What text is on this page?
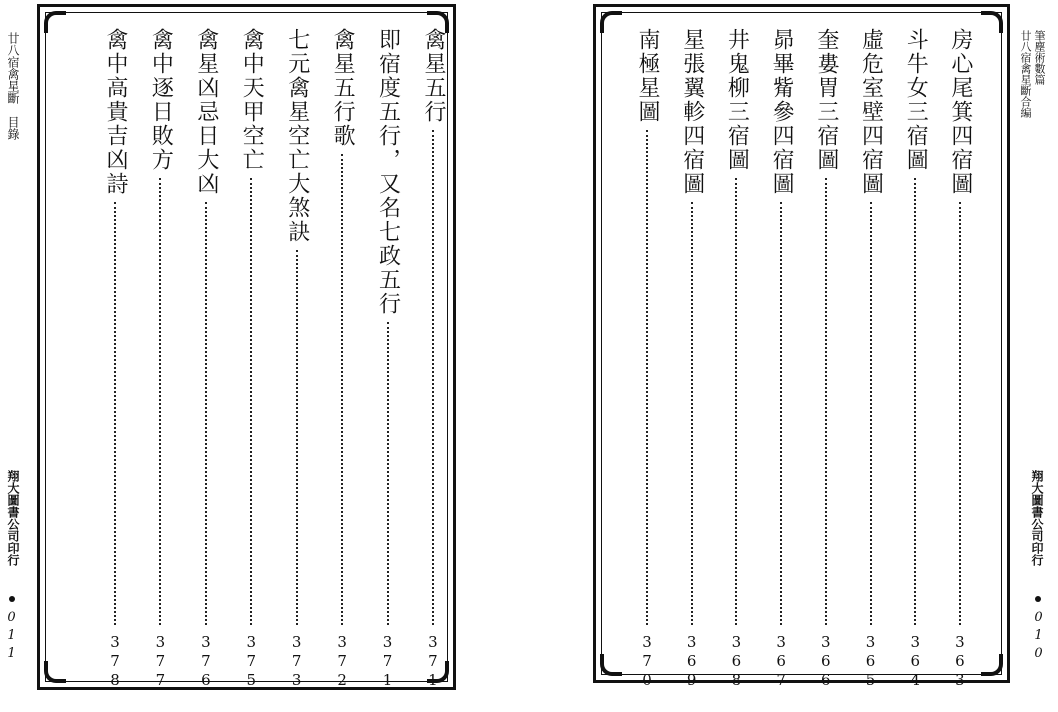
廿八宿禽星斷　目錄
翔大圖書公司印行
011
禽星五行
371
即宿度五行，又名七政五行
371
禽星五行歌
372
七元禽星空亡大煞訣
373
禽中天甲空亡
375
禽星凶忌日大凶
376
禽中逐日敗方
377
禽中高貴吉凶詩
378
房心尾箕四宿圖
363
斗牛女三宿圖
364
虛危室壁四宿圖
365
奎婁胃三宿圖
366
昴畢觜參四宿圖
367
井鬼柳三宿圖
368
星張翼軫四宿圖
369
南極星圖
370
筆塵術數篇
廿八宿禽星斷合編
翔大圖書公司印行
010
